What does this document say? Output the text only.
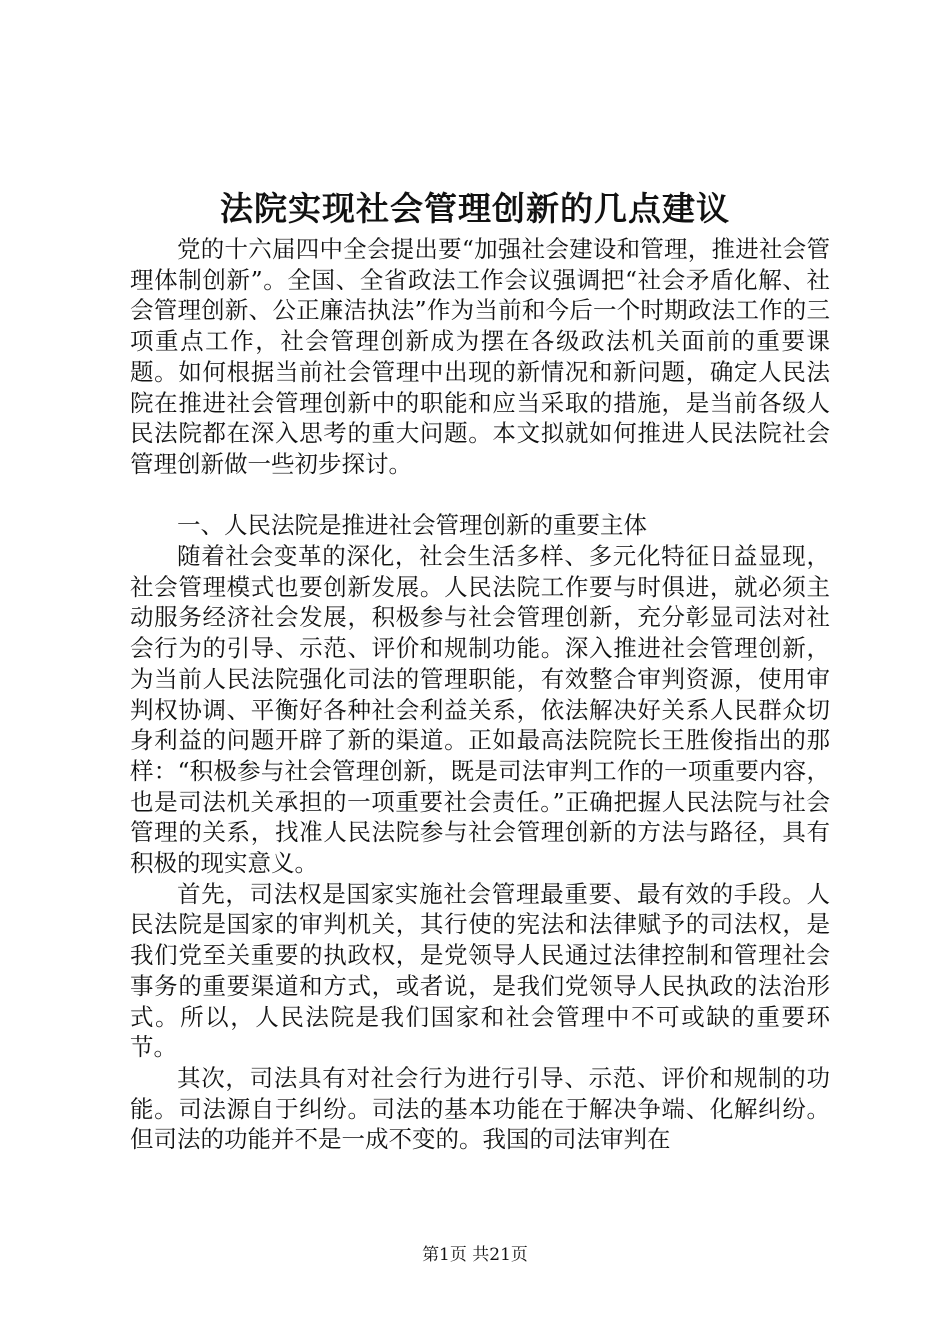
法院实现社会管理创新的几点建议

党的十六届四中全会提出要“加强社会建设和管理，推进社会管理体制创新”。全国、全省政法工作会议强调把“社会矛盾化解、社会管理创新、公正廉洁执法”作为当前和今后一个时期政法工作的三项重点工作，社会管理创新成为摆在各级政法机关面前的重要课题。如何根据当前社会管理中出现的新情况和新问题，确定人民法院在推进社会管理创新中的职能和应当采取的措施，是当前各级人民法院都在深入思考的重大问题。本文拟就如何推进人民法院社会管理创新做一些初步探讨。

一、人民法院是推进社会管理创新的重要主体

随着社会变革的深化，社会生活多样、多元化特征日益显现，社会管理模式也要创新发展。人民法院工作要与时俱进，就必须主动服务经济社会发展，积极参与社会管理创新，充分彰显司法对社会行为的引导、示范、评价和规制功能。深入推进社会管理创新，为当前人民法院强化司法的管理职能，有效整合审判资源，使用审判权协调、平衡好各种社会利益关系，依法解决好关系人民群众切身利益的问题开辟了新的渠道。正如最高法院院长王胜俊指出的那样：“积极参与社会管理创新，既是司法审判工作的一项重要内容，也是司法机关承担的一项重要社会责任。”正确把握人民法院与社会管理的关系，找准人民法院参与社会管理创新的方法与路径，具有积极的现实意义。

首先，司法权是国家实施社会管理最重要、最有效的手段。人民法院是国家的审判机关，其行使的宪法和法律赋予的司法权，是我们党至关重要的执政权，是党领导人民通过法律控制和管理社会事务的重要渠道和方式，或者说，是我们党领导人民执政的法治形式。所以，人民法院是我们国家和社会管理中不可或缺的重要环节。

其次，司法具有对社会行为进行引导、示范、评价和规制的功能。司法源自于纠纷。司法的基本功能在于解决争端、化解纠纷。但司法的功能并不是一成不变的。我国的司法审判在

第1页 共21页
